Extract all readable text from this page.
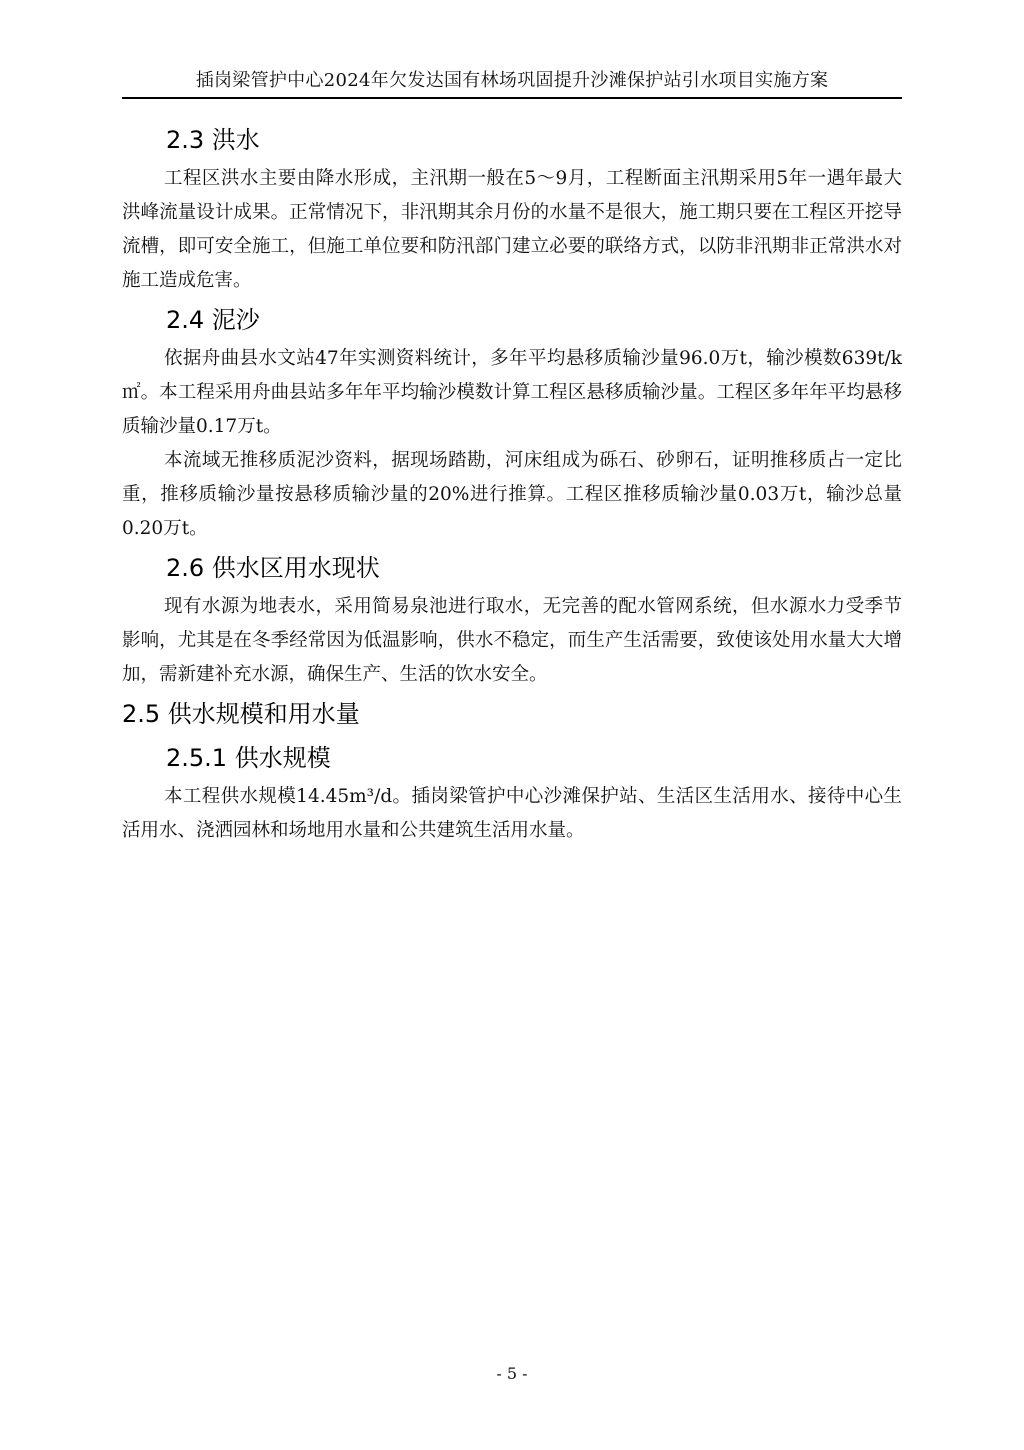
插岗梁管护中心2024年欠发达国有林场巩固提升沙滩保护站引水项目实施方案
2.3 洪水

工程区洪水主要由降水形成，主汛期一般在5～9月，工程断面主汛期采用5年一遇年最大洪峰流量设计成果。正常情况下，非汛期其余月份的水量不是很大，施工期只要在工程区开挖导流槽，即可安全施工，但施工单位要和防汛部门建立必要的联络方式，以防非汛期非正常洪水对施工造成危害。

2.4 泥沙

依据舟曲县水文站47年实测资料统计，多年平均悬移质输沙量96.0万t，输沙模数639t/k㎡。本工程采用舟曲县站多年年平均输沙模数计算工程区悬移质输沙量。工程区多年年平均悬移质输沙量0.17万t。

本流域无推移质泥沙资料，据现场踏勘，河床组成为砾石、砂卵石，证明推移质占一定比重，推移质输沙量按悬移质输沙量的20%进行推算。工程区推移质输沙量0.03万t，输沙总量0.20万t。

2.6 供水区用水现状

现有水源为地表水，采用简易泉池进行取水，无完善的配水管网系统，但水源水力受季节影响，尤其是在冬季经常因为低温影响，供水不稳定，而生产生活需要，致使该处用水量大大增加，需新建补充水源，确保生产、生活的饮水安全。

2.5 供水规模和用水量
2.5.1 供水规模

本工程供水规模14.45m³/d。插岗梁管护中心沙滩保护站、生活区生活用水、接待中心生活用水、浇洒园林和场地用水量和公共建筑生活用水量。

- 5 -
